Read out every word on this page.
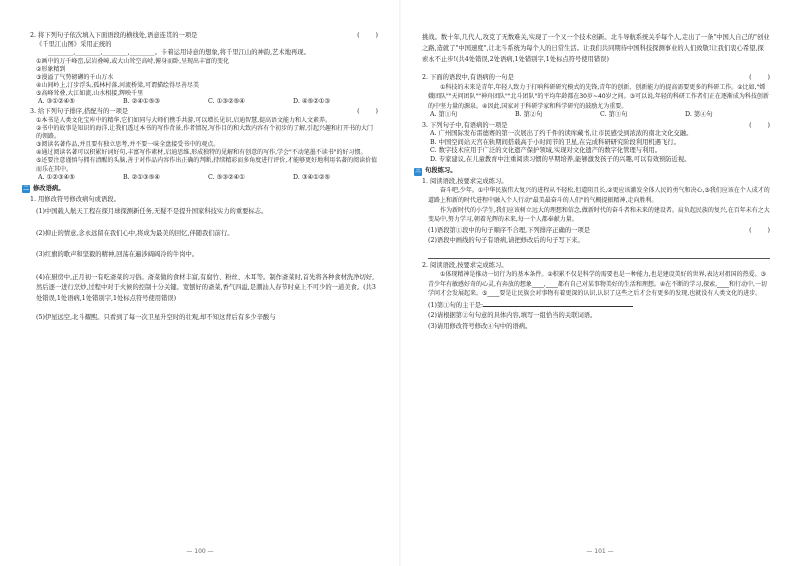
2. 将下列句子依次填入下面语段的横线处,语意连贯的一项是	(        )
《千里江山图》采用正统的
________,________,________,________。卡着运用诗意的想象,将千里江山的神韵,艺术地再现。
①画中的万千峰峦,层岩叠嶂,或大山耸空高峙,俯身而卧,呈现出丰富的变化
②形象精到
③漫溢了气势磅礴的千山万水
④山间岭上,汀步浮头,孤林村落,河流桥梁,可谓描绘得尽善尽美
⑤高峰耸叠,大江如流,山水相接,辉映千里
A. ③①②④⑤	B. ②④①⑤③	C. ①③②⑤④	D. ④⑤②①③
3. 给下列句子排序,搭配当的一项是	(        )
①本书是人类文化宝库中的精华,它们如同与大师们携手共游,可以增长见识,启迪智慧,提高语文能力和人文素养。
②书中的故事是知识的海洋,让我们透过本书的写作背景,作者情况,写作目的和大致内容有个初步的了解,引起兴趣和打开书的大门的领路。
③阅读名著作品,并且要有独立思考,并不要一味全盘接受书中的观点。
④通过阅读名著可以积累好词好句,丰富写作素材,启迪思维,形成独特的见解和有创意的写作,学会"不动笔墨不读书"的好习惯。
⑤还要注意谨慎与拥有清醒的头脑,善于对作品内容作出正确的判断,持续精彩而多角度进行评价,才能够更好地利用名著的阅读价值而乐在其中。
A. ①②③④⑤	B. ②①③⑤④	C. ⑤③②④①	D. ③④①②⑤
二 修改语病。
1. 用修改符号修改病句或语段。
(1)中国载人航天工程在探月球探测新任务,无疑不是提升国家科技实力的重要标志。
(2)抑止的情意,念永远留在我们心中,将成为最美的回忆,伴随我们前行。
(3)红旗的歌声和坚毅的精神,回荡在遍涉阔阔冷的牛岗中。
(4)在厨房中,正月初一有吃斋菜的习俗。斋菜做的食材丰富,有腐竹、粉丝、木耳等。制作斋菜时,首先将各种食材洗净切好,然后逐一进行烹炒,过程中对于火候的控制十分关键。宽刨好的斋菜,香气四溢,是潮汕人春节时桌上不可少的一道美食。(共3处错误,1处语病,1处错别字,1处标点符号使用错误)
(5)伊星远空,北斗耀熙。只看到了每一次卫星升空时的壮观,却不知这背后有多少辛酸与
— 100 —
挑战。数十年,几代人,攻克了无数难关,实现了一个又一个技术创新。北斗导航系统关乎每个人,走出了一条"中国人自己的"创业之路,造就了"中国速度",让北斗系统为每个人的日常生活。让我们共同期待中国科技探测事业的人们致敬!让我们衷心希望,探索永不止步!(共4处错误,2处语病,1处错别字,1处标点符号使用错误)
2. 下面的语段中,有语病的一句是	(        )
①科技的未来是青年,年轻人致力于打响科研研究模式的先锋,青年的创新、创新能力的提高需要更多的科研工作。②比如,"嫦娥团队""天问团队""神舟团队""北斗团队"的平均年龄都在30岁~40岁之间。③可以说,年轻的科研工作者们正在逐渐成为科技创新的中坚力量的源泉。④因此,国家对于科研学家和科学研究的鼓励尤为重要。
A. 第①句	B. 第②句	C. 第③句	D. 第④句
3. 下列句子中,有语病的一项是	(        )
A. 广州国际发布雷德赛的第一次展出了约千件的读库藏书,让市民感受到浓浓的南北文化交融。
B. 中国空间站天宫在轨期间搭载高于小时间节的卫星,在完成科研研究阶段利用机遇飞行。
C. 数字技术应用于广泛的文化遗产保护领域,实现对文化遗产的数字化管理与利用。
D. 专家建议,在儿童教育中注重阅读习惯的早期培养,能够激发孩子的兴趣,可以有效预防近视。
三 句段练习。
1. 阅读语段,按要求完成练习。
奋斗吧,少年。①中华民族伟大复兴的进程从不轻松,但道阻且长,②更应该激发全体人民的勇气和决心,③我们应该在个人成才的道路上和新的时代进程中融入个人行动"最美最奋斗的人们"的气概提振精神,走向胜利。
作为新时代的小学生,我们应该树立远大的理想和信念,做新时代的奋斗者和未来的建设者。肩负起民族的复兴,在百年未有之大变局中,努力学习,朝着光辉的未来,每一个人都奉献力量。
(1)语段第①段中的句子顺序不合理,下列排序正确的一项是	(        )
(2)语段中画线的句子有语病,请把修改后的句子写下来。
2. 阅读语段,按要求完成练习。
①体现精神是推动一切行为的基本条件。②积累不仅是科学的需要也是一种能力,也是建设美好的世界,表达对祖国的热爱。③青少年有敏感好奇的心灵,有奔放的想象____,____都有自己对某事物美好的生活和理想。④在不断的学习,探索,____和行动中,一切学问才会发展起来。⑤____要是让民族会对事物有着更深的认识,认识了这些之后才会有更多的发现,也就没有人类文化的进步。
(1)第①句的主干是:
(2)请根据第②句句意的具体内容,填写一组恰当的关联词语。
(3)请用修改符号修改④句中的语病。
— 101 —
